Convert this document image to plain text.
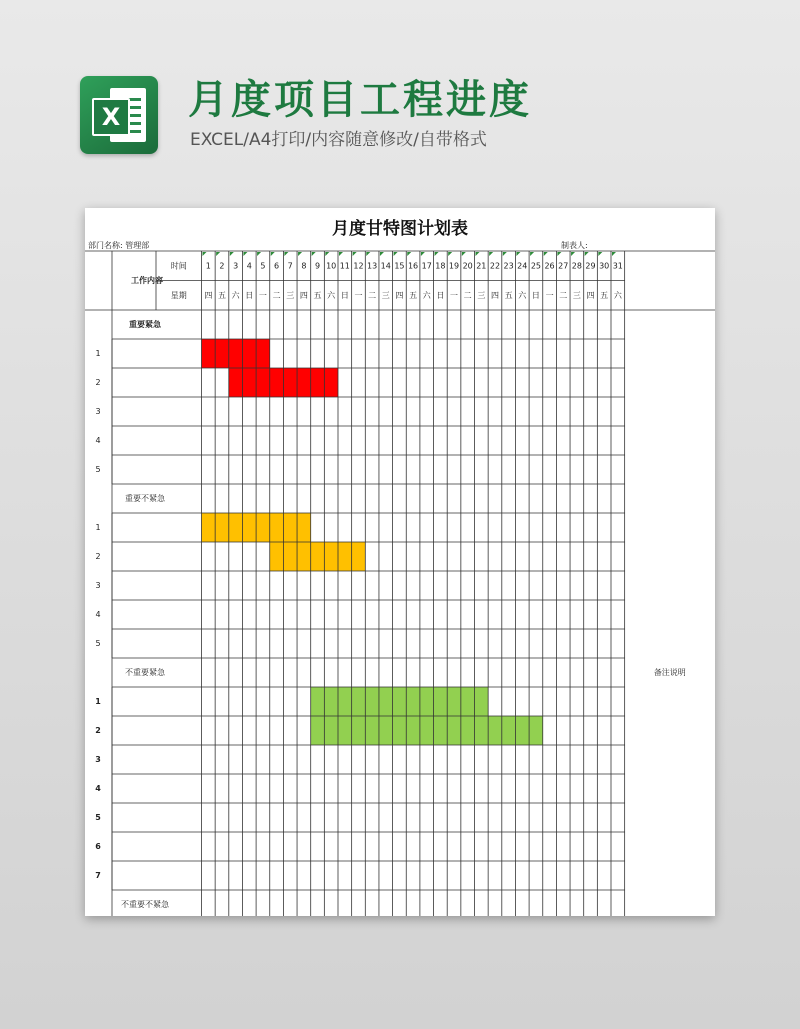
X 月度项目工程进度
EXCEL/A4打印/内容随意修改/自带格式
月度甘特图计划表
部门名称: 管理部	制表人:
工作内容
时间
星期
1
四
2
五
3
六
4
日
5
一
6
二
7
三
8
四
9
五
10
六
11
日
12
一
13
二
14
三
15
四
16
五
17
六
18
日
19
一
20
二
21
三
22
四
23
五
24
六
25
日
26
一
27
二
28
三
29
四
30
五
31
六
重要紧急
1
2
3
4
5
重要不紧急
1
2
3
4
5
不重要紧急
1
2
3
4
5
6
7
不重要不紧急
备注说明
